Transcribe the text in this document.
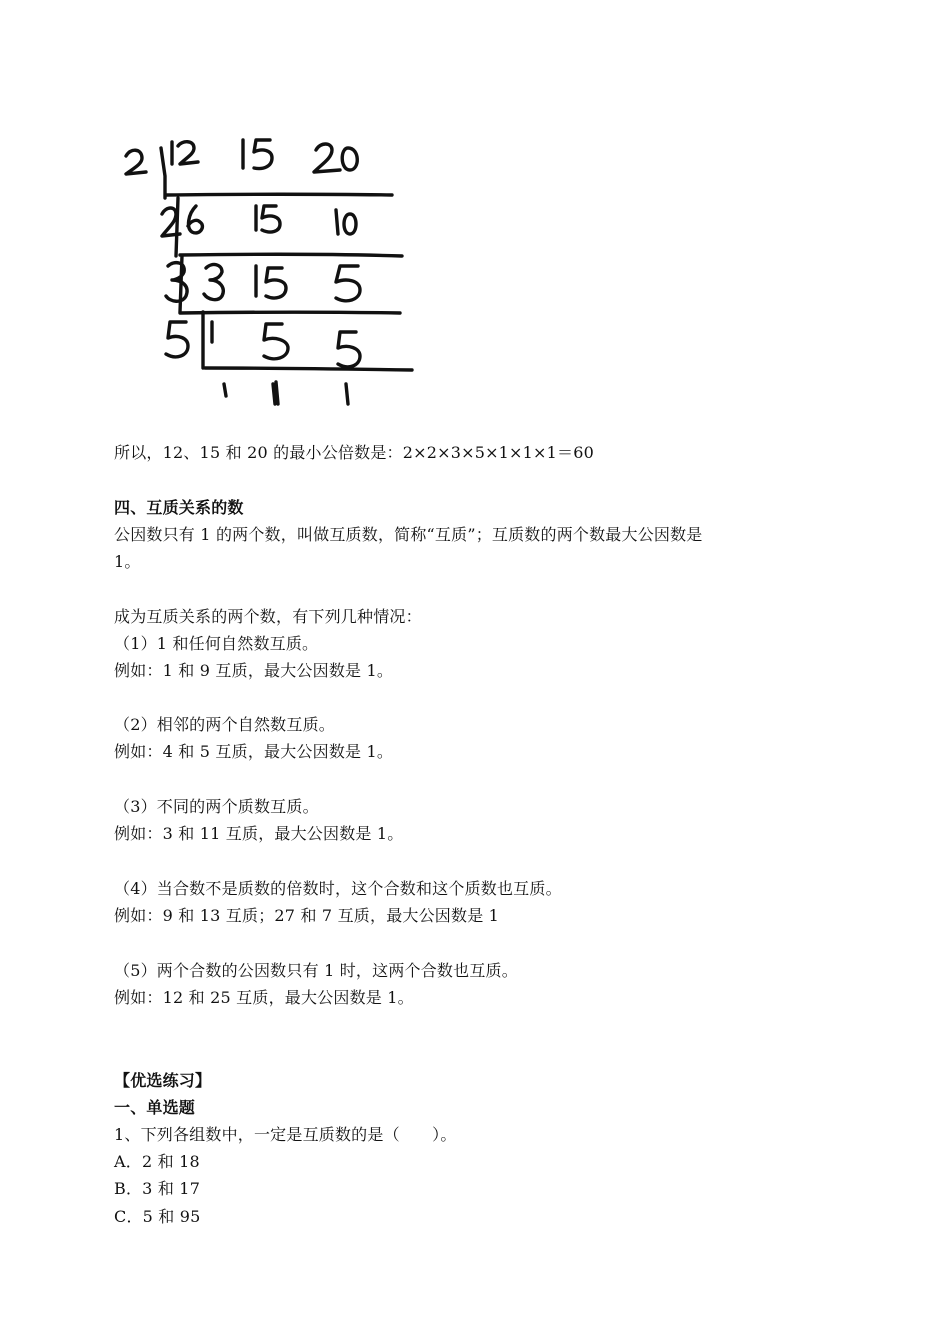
所以，12、15 和 20 的最小公倍数是：2×2×3×5×1×1×1＝60
四、互质关系的数
公因数只有 1 的两个数，叫做互质数，简称“互质”；互质数的两个数最大公因数是
1。
成为互质关系的两个数，有下列几种情况：
（1）1 和任何自然数互质。
例如：1 和 9 互质，最大公因数是 1。
（2）相邻的两个自然数互质。
例如：4 和 5 互质，最大公因数是 1。
（3）不同的两个质数互质。
例如：3 和 11 互质，最大公因数是 1。
（4）当合数不是质数的倍数时，这个合数和这个质数也互质。
例如：9 和 13 互质；27 和 7 互质，最大公因数是 1
（5）两个合数的公因数只有 1 时，这两个合数也互质。
例如：12 和 25 互质，最大公因数是 1。
【优选练习】
一、单选题
1、下列各组数中，一定是互质数的是（　　）。
A．2 和 18
B．3 和 17
C．5 和 95
